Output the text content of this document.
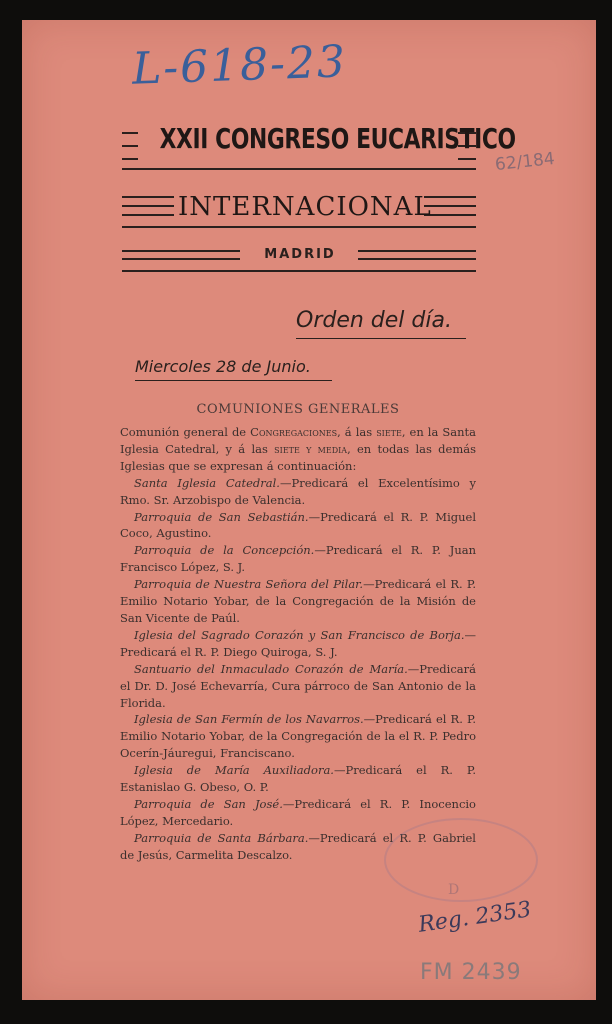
L-618-23
62/184
XXII CONGRESO EUCARISTICO
INTERNACIONAL
MADRID
Orden del día.
Miercoles 28 de Junio.
COMUNIONES GENERALES

Comunión general de Congregaciones, á las siete, en la Santa Iglesia Catedral, y á las siete y media, en todas las demás Iglesias que se expresan á continuación:

Santa Iglesia Catedral.—Predicará el Excelentísimo y Rmo. Sr. Arzobispo de Valencia.

Parroquia de San Sebastián.—Predicará el R. P. Miguel Coco, Agustino.

Parroquia de la Concepción.—Predicará el R. P. Juan Francisco López, S. J.

Parroquia de Nuestra Señora del Pilar.—Predicará el R. P. Emilio Notario Yobar, de la Congregación de la Misión de San Vicente de Paúl.

Iglesia del Sagrado Corazón y San Francisco de Borja.—Predicará el R. P. Diego Quiroga, S. J.

Santuario del Inmaculado Corazón de María.—Predicará el Dr. D. José Echevarría, Cura párroco de San Antonio de la Florida.

Iglesia de San Fermín de los Navarros.—Predicará el R. P. Emilio Notario Yobar, de la Congregación de la el R. P. Pedro Ocerín-Jáuregui, Franciscano.

Iglesia de María Auxiliadora.—Predicará el R. P. Estanislao G. Obeso, O. P.

Parroquia de San José.—Predicará el R. P. Inocencio López, Mercedario.

Parroquia de Santa Bárbara.—Predicará el R. P. Gabriel de Jesús, Carmelita Descalzo.

D
Reg. 2353
FM 2439
